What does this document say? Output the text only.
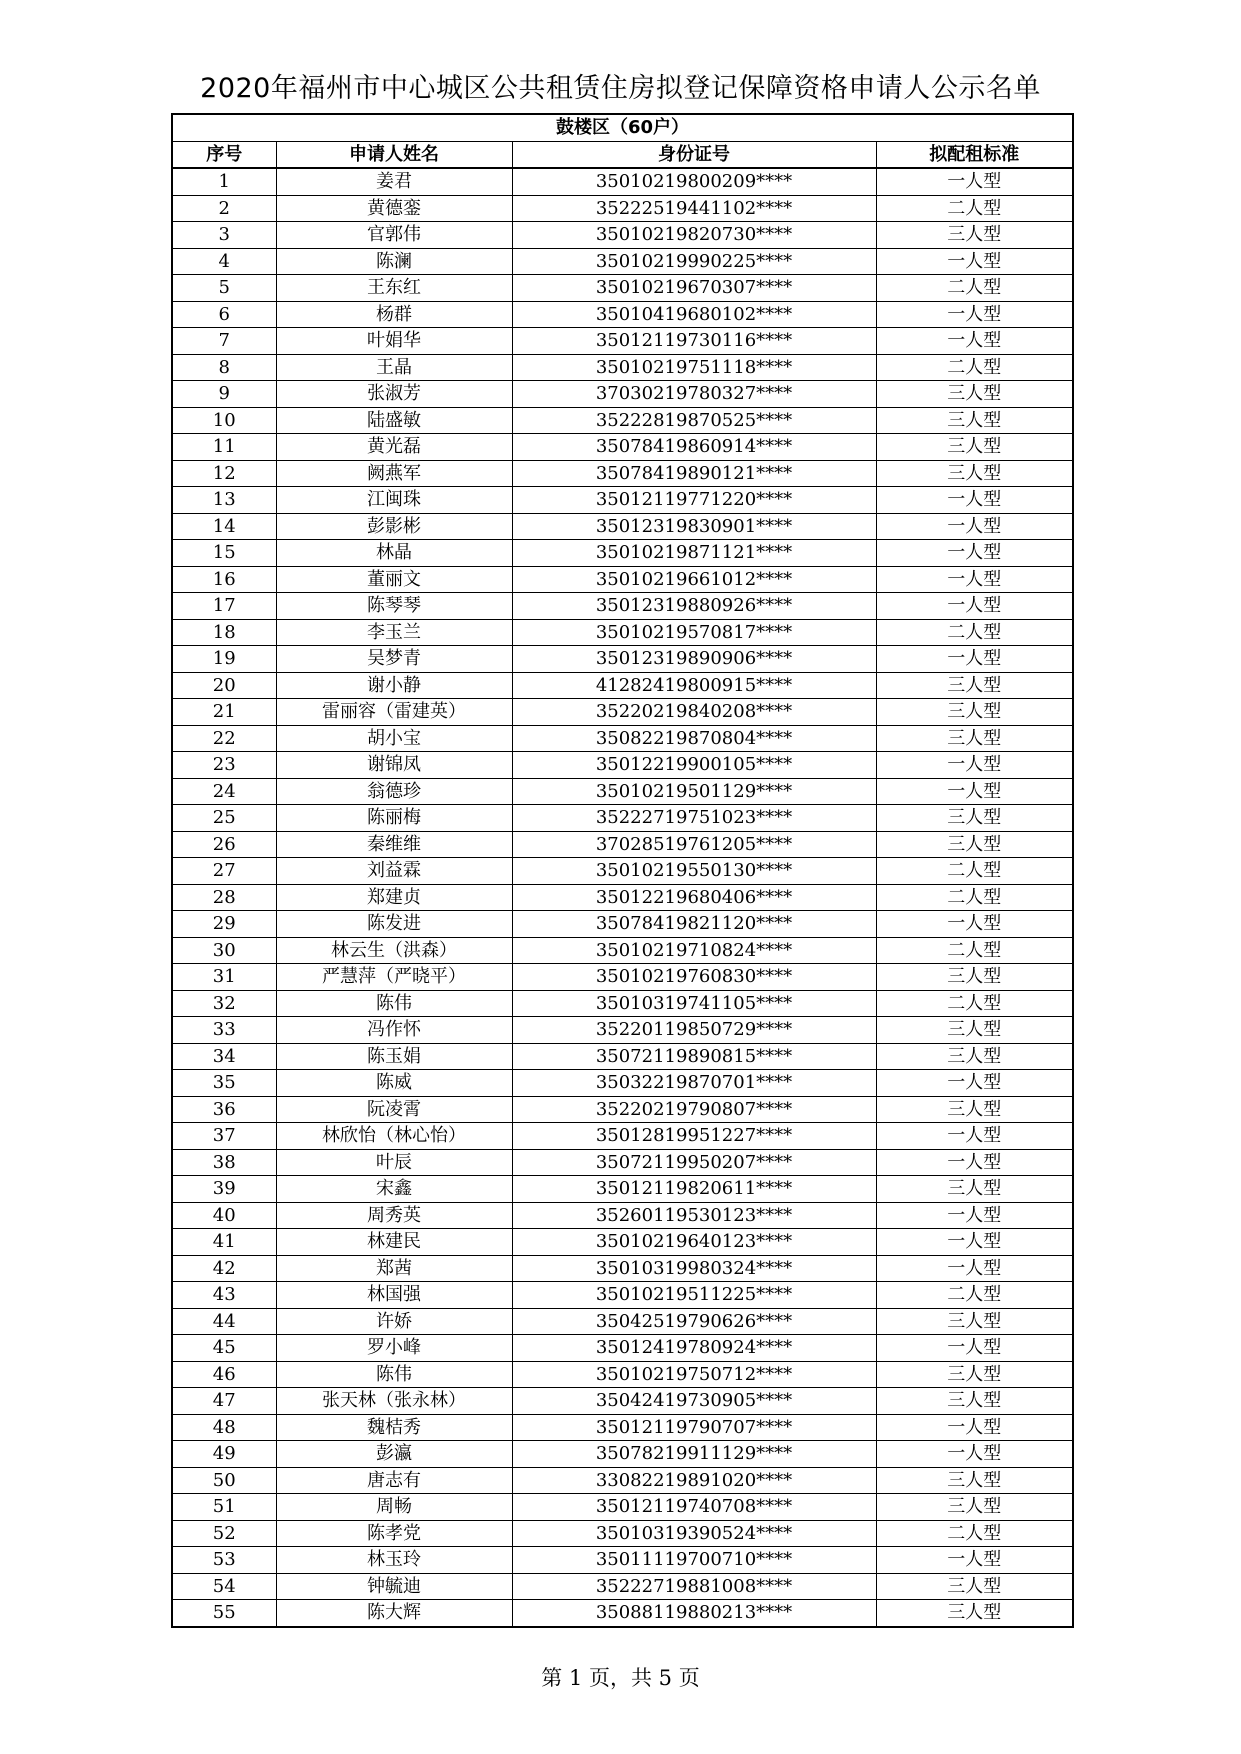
2020年福州市中心城区公共租赁住房拟登记保障资格申请人公示名单
鼓楼区（60户）			
序号	申请人姓名	身份证号	拟配租标准
1	姜君	35010219800209****	一人型
2	黄德銮	35222519441102****	二人型
3	官郭伟	35010219820730****	三人型
4	陈澜	35010219990225****	一人型
5	王东红	35010219670307****	二人型
6	杨群	35010419680102****	一人型
7	叶娟华	35012119730116****	一人型
8	王晶	35010219751118****	二人型
9	张淑芳	37030219780327****	三人型
10	陆盛敏	35222819870525****	三人型
11	黄光磊	35078419860914****	三人型
12	阙燕军	35078419890121****	三人型
13	江闽珠	35012119771220****	一人型
14	彭影彬	35012319830901****	一人型
15	林晶	35010219871121****	一人型
16	董丽文	35010219661012****	一人型
17	陈琴琴	35012319880926****	一人型
18	李玉兰	35010219570817****	二人型
19	吴梦青	35012319890906****	一人型
20	谢小静	41282419800915****	三人型
21	雷丽容（雷建英）	35220219840208****	三人型
22	胡小宝	35082219870804****	三人型
23	谢锦凤	35012219900105****	一人型
24	翁德珍	35010219501129****	一人型
25	陈丽梅	35222719751023****	三人型
26	秦维维	37028519761205****	三人型
27	刘益霖	35010219550130****	二人型
28	郑建贞	35012219680406****	二人型
29	陈发进	35078419821120****	一人型
30	林云生（洪森）	35010219710824****	二人型
31	严慧萍（严晓平）	35010219760830****	三人型
32	陈伟	35010319741105****	二人型
33	冯作怀	35220119850729****	三人型
34	陈玉娟	35072119890815****	三人型
35	陈威	35032219870701****	一人型
36	阮凌霄	35220219790807****	三人型
37	林欣怡（林心怡）	35012819951227****	一人型
38	叶辰	35072119950207****	一人型
39	宋鑫	35012119820611****	三人型
40	周秀英	35260119530123****	一人型
41	林建民	35010219640123****	一人型
42	郑茜	35010319980324****	一人型
43	林国强	35010219511225****	二人型
44	许娇	35042519790626****	三人型
45	罗小峰	35012419780924****	一人型
46	陈伟	35010219750712****	三人型
47	张天林（张永林）	35042419730905****	三人型
48	魏桔秀	35012119790707****	一人型
49	彭瀛	35078219911129****	一人型
50	唐志有	33082219891020****	三人型
51	周畅	35012119740708****	三人型
52	陈孝党	35010319390524****	二人型
53	林玉玲	35011119700710****	一人型
54	钟毓迪	35222719881008****	三人型
55	陈大辉	35088119880213****	三人型
第 1 页，共 5 页
